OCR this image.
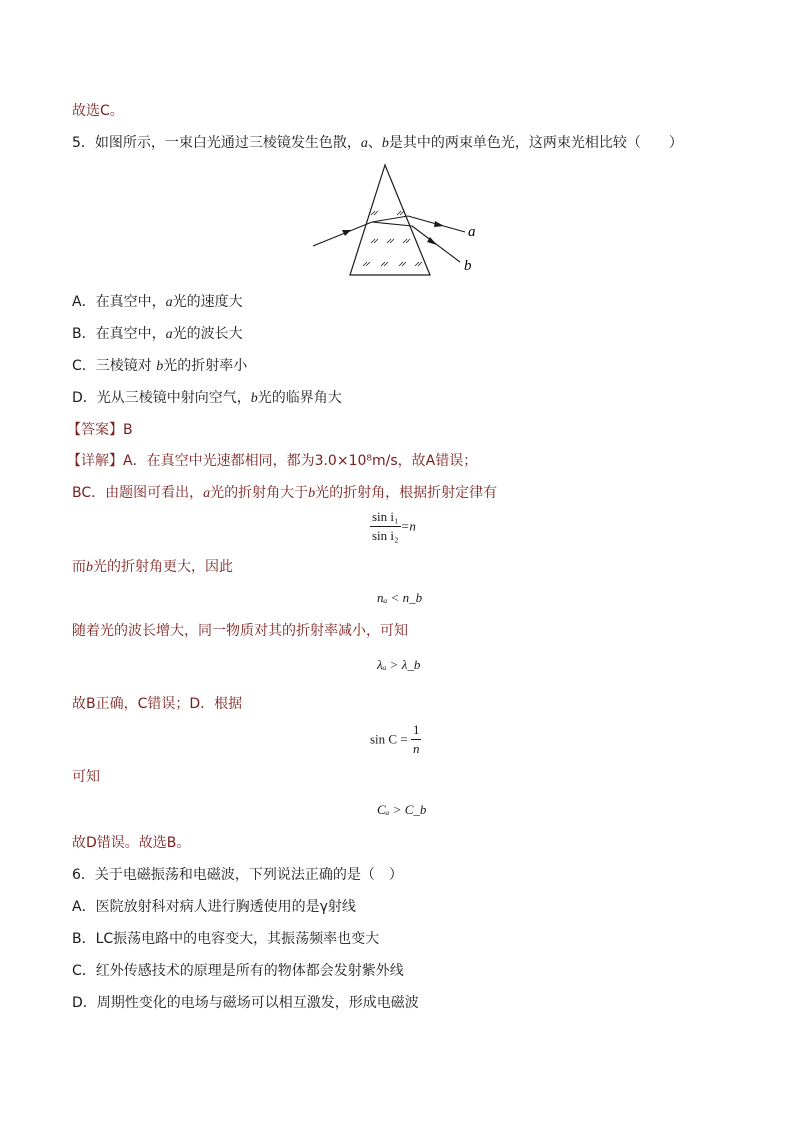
故选C。
5．如图所示，一束白光通过三棱镜发生色散，a、b是其中的两束单色光，这两束光相比较（　　）
a
b
A．在真空中，a光的速度大
B．在真空中，a光的波长大
C．三棱镜对 b光的折射率小
D．光从三棱镜中射向空气，b光的临界角大
【答案】B
【详解】A．在真空中光速都相同，都为3.0×10⁸m/s，故A错误；
BC．由题图可看出，a光的折射角大于b光的折射角，根据折射定律有
$\frac{\text{sin i₁}}{\text{sin i₂}} =n$
而b光的折射角更大，因此
nₐ < n_b
随着光的波长增大，同一物质对其的折射率减小，可知
λₐ > λ_b
故B正确，C错误；D．根据
$\sin C = \frac{1}{n}$
可知
Cₐ > C_b
故D错误。故选B。
6．关于电磁振荡和电磁波，下列说法正确的是（　）
A．医院放射科对病人进行胸透使用的是γ射线
B．LC振荡电路中的电容变大，其振荡频率也变大
C．红外传感技术的原理是所有的物体都会发射紫外线
D．周期性变化的电场与磁场可以相互激发，形成电磁波
